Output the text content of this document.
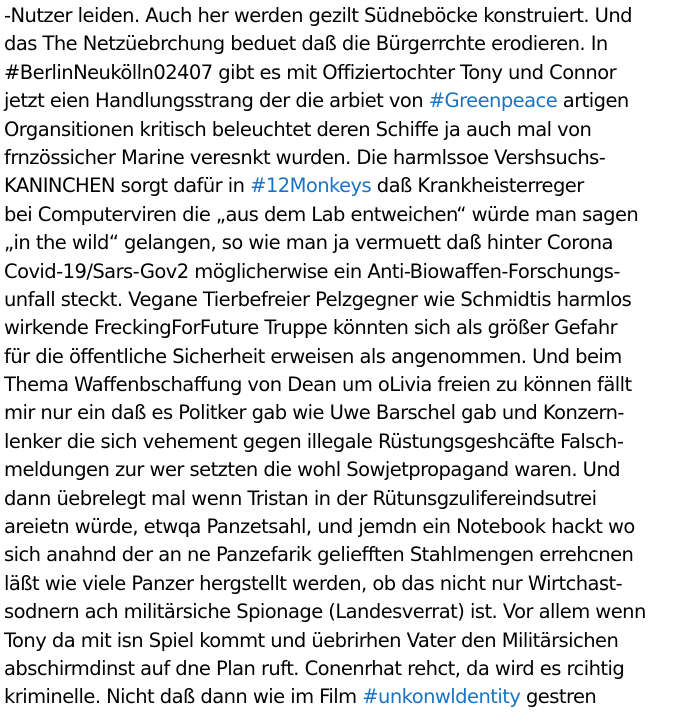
-Nutzer leiden. Auch her werden gezilt Südneböcke konstruiert. Und
das The Netzüebrchung beduet daß die Bürgerrchte erodieren. In
#BerlinNeukölln02407 gibt es mit Offiziertochter Tony und Connor
jetzt eien Handlungsstrang der die arbiet von #Greenpeace artigen
Organsitionen kritisch beleuchtet deren Schiffe ja auch mal von
frnzössicher Marine veresnkt wurden. Die harmlssoe Vershsuchs-
KANINCHEN sorgt dafür in #12Monkeys daß Krankheisterreger
bei Computerviren die „aus dem Lab entweichen“ würde man sagen
„in the wild“ gelangen, so wie man ja vermuett daß hinter Corona
Covid-19/Sars-Gov2 möglicherwise ein Anti-Biowaffen-Forschungs-
unfall steckt. Vegane Tierbefreier Pelzgegner wie Schmidtis harmlos
wirkende FreckingForFuture Truppe könnten sich als größer Gefahr
für die öffentliche Sicherheit erweisen als angenommen. Und beim
Thema Waffenbschaffung von Dean um oLivia freien zu können fällt
mir nur ein daß es Politker gab wie Uwe Barschel gab und Konzern-
lenker die sich vehement gegen illegale Rüstungsgeshcäfte Falsch-
meldungen zur wer setzten die wohl Sowjetpropagand waren. Und
dann üebrelegt mal wenn Tristan in der Rütunsgzulifereindsutrei
areietn würde, etwqa Panzetsahl, und jemdn ein Notebook hackt wo
sich anahnd der an ne Panzefarik geliefften Stahlmengen errehcnen
läßt wie viele Panzer hergstellt werden, ob das nicht nur Wirtchast-
sodnern ach militärsiche Spionage (Landesverrat) ist. Vor allem wenn
Tony da mit isn Spiel kommt und üebrirhen Vater den Militärsichen
abschirmdinst auf dne Plan ruft. Conenrhat rehct, da wird es rcihtig
kriminelle. Nicht daß dann wie im Film #unkonwldentity gestren
